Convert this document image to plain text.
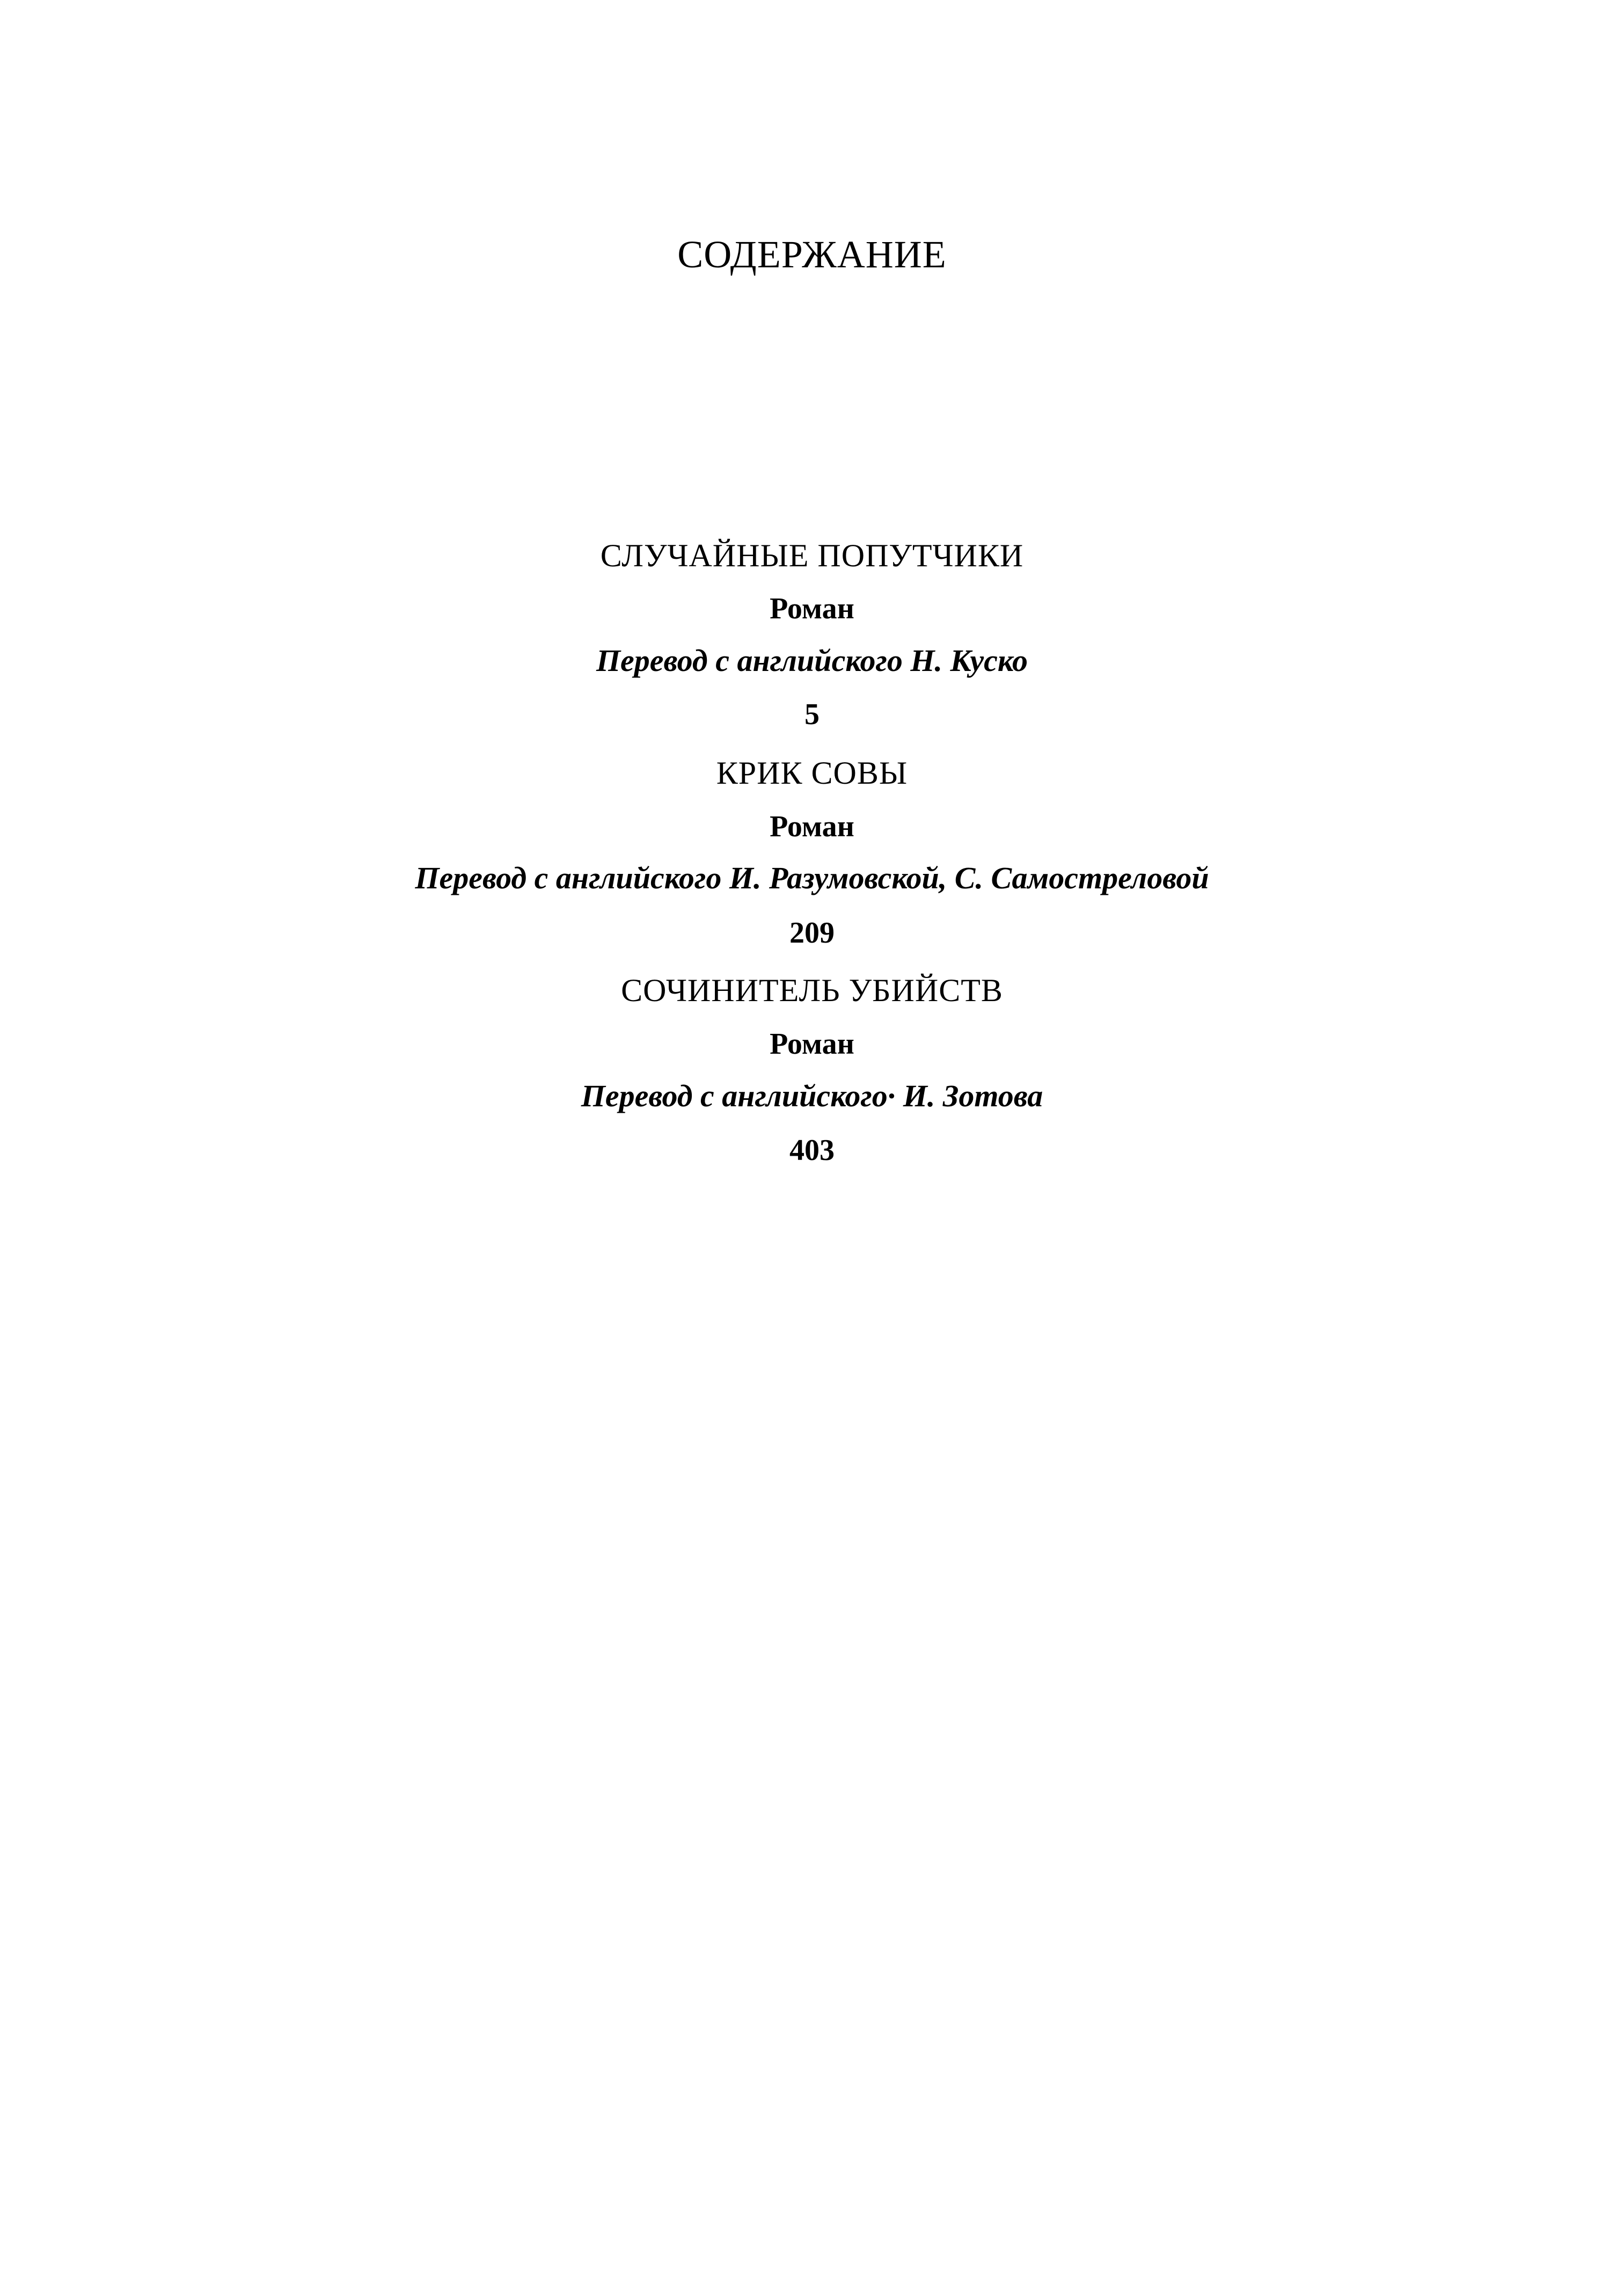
СОДЕРЖАНИЕ
СЛУЧАЙНЫЕ ПОПУТЧИКИ
Роман
Перевод с английского Н. Куско
5
КРИК СОВЫ
Роман
Перевод с английского И. Разумовской, С. Самострелoвой
209
СОЧИНИТЕЛЬ УБИЙСТВ
Роман
Перевод с английского· И. Зотова
403
